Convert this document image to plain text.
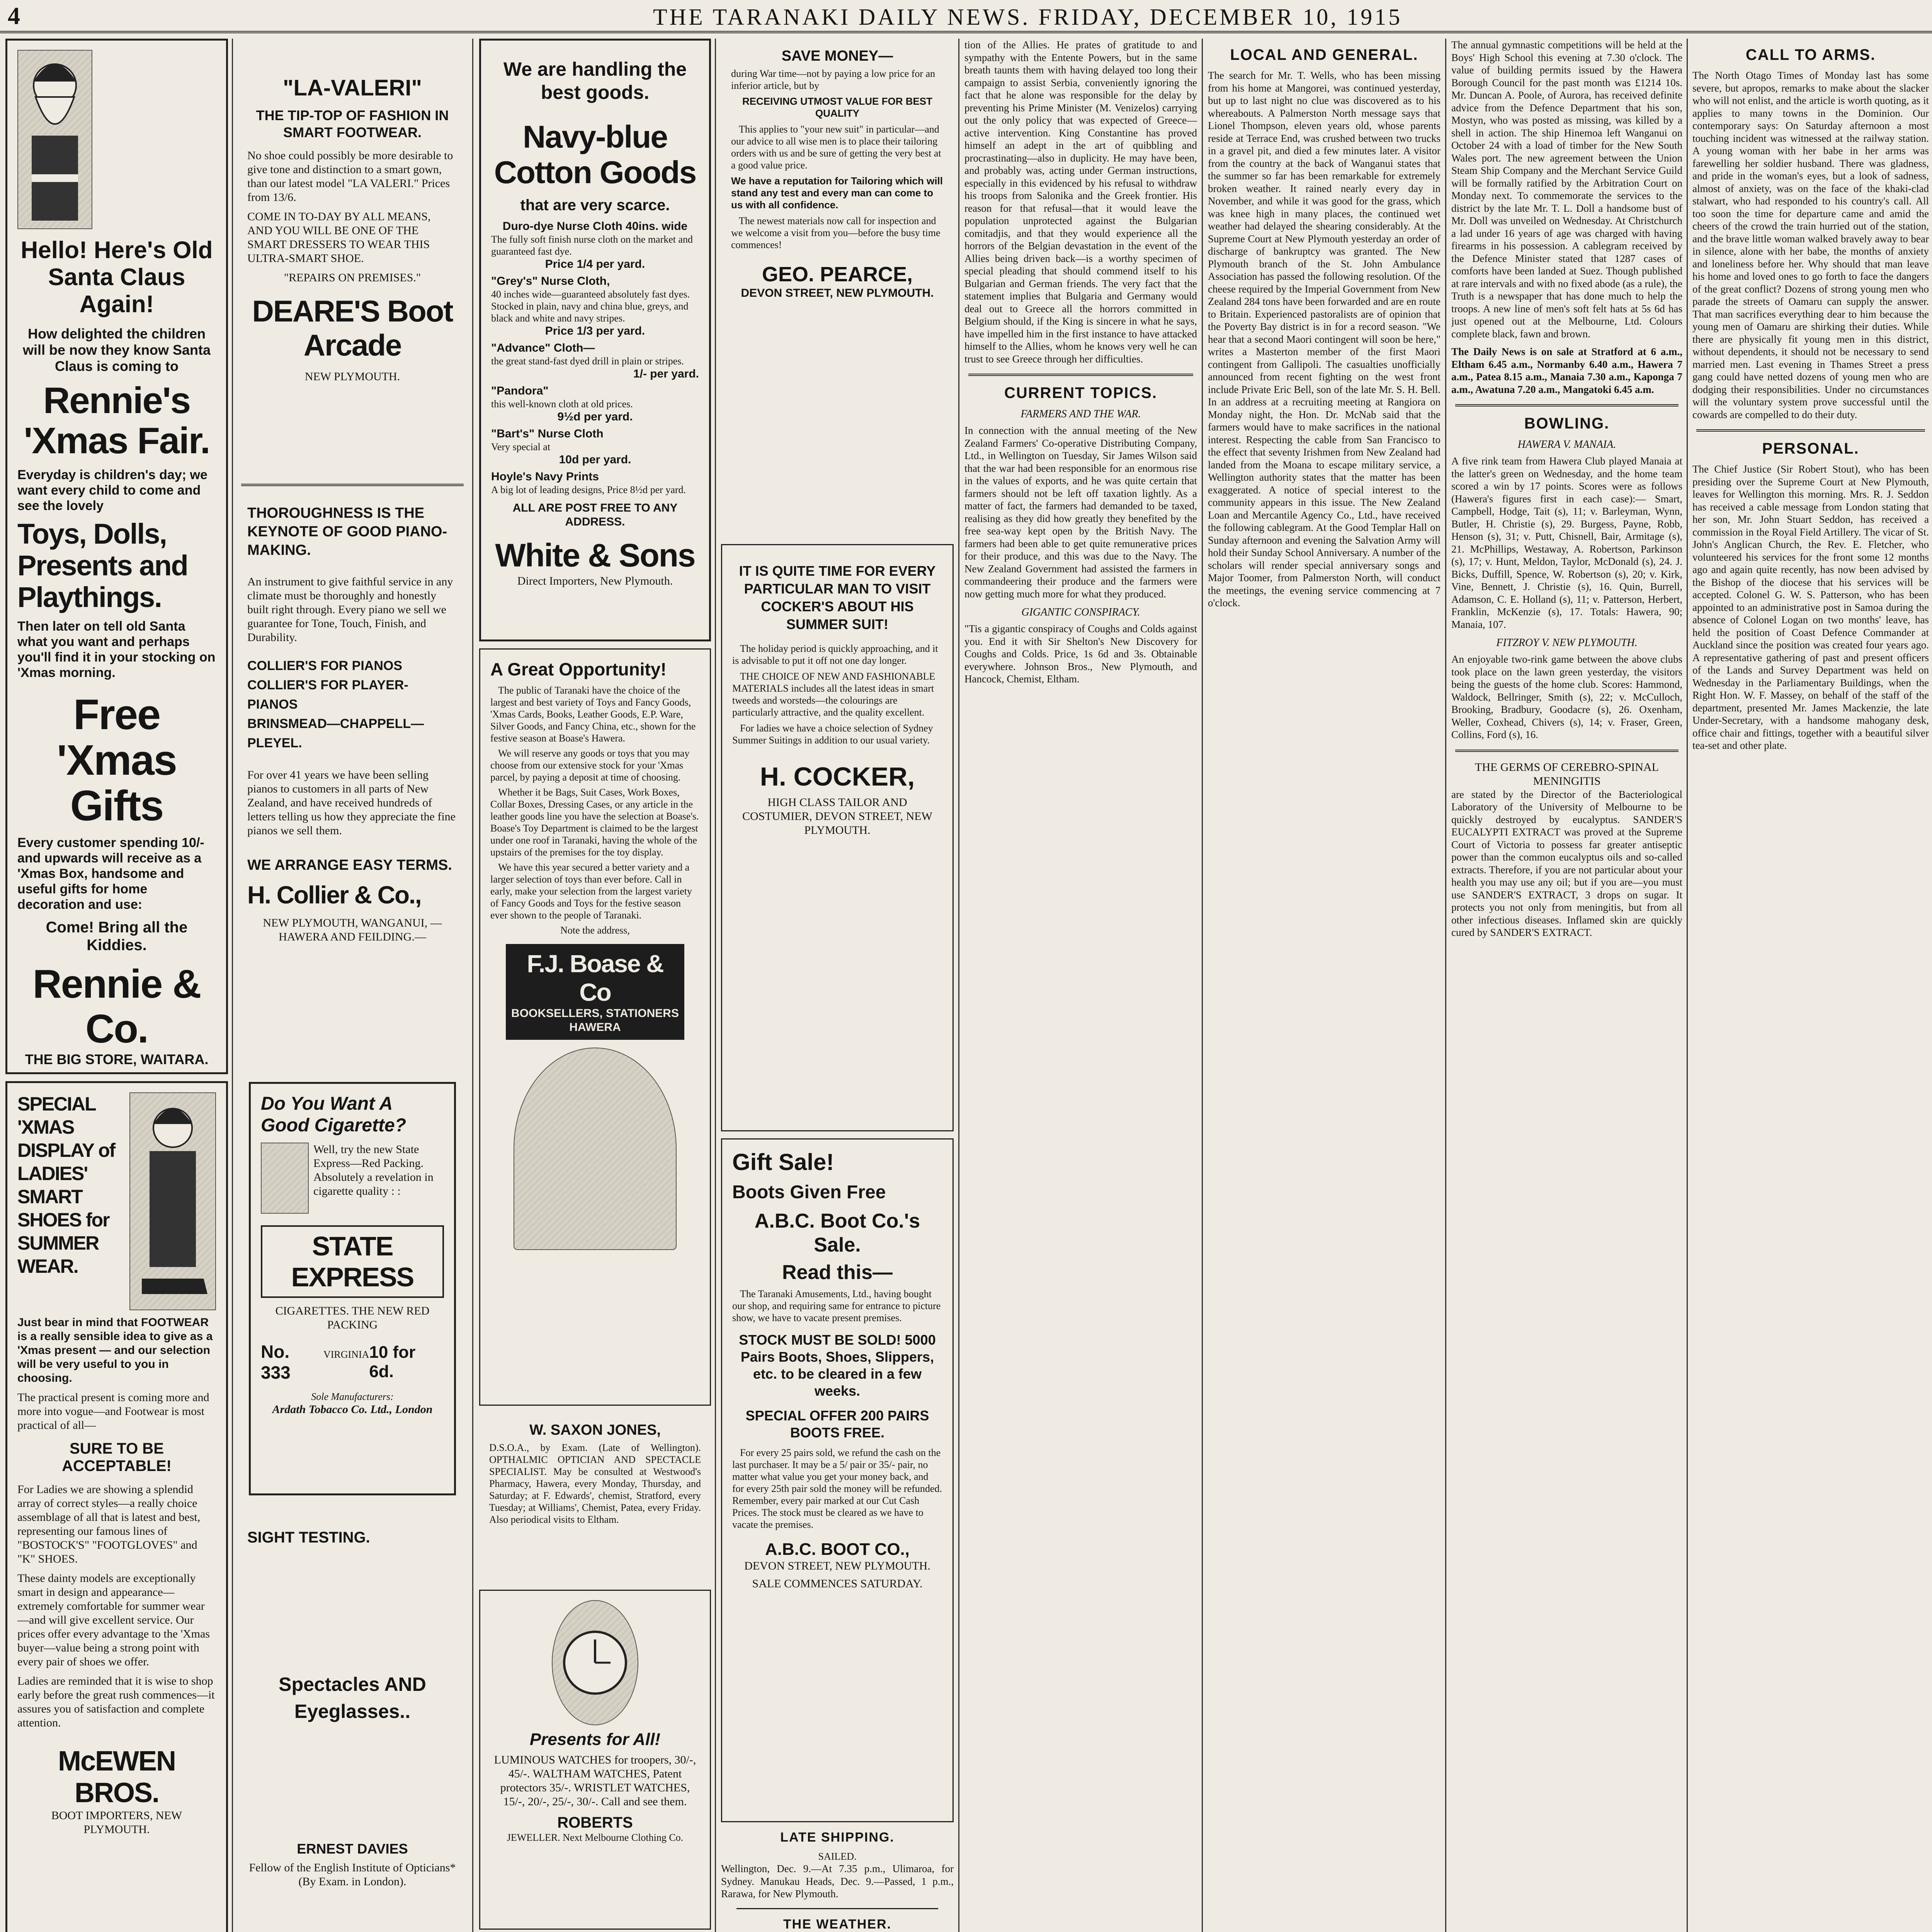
4	THE TARANAKI DAILY NEWS. FRIDAY, DECEMBER 10, 1915
Hello! Here's Old Santa Claus Again!
How delighted the children will be now they know Santa Claus is coming to
Rennie's 'Xmas Fair.
Everyday is children's day; we want every child to come and see the lovely
Toys, Dolls, Presents and Playthings.
Then later on tell old Santa what you want and perhaps you'll find it in your stocking on 'Xmas morning.
Free 'Xmas Gifts
Every customer spending 10/- and upwards will receive as a 'Xmas Box, handsome and useful gifts for home decoration and use:
Come! Bring all the Kiddies.
Rennie & Co.
THE BIG STORE, WAITARA.
SPECIAL 'XMAS DISPLAY of LADIES' SMART SHOES for SUMMER WEAR.
Just bear in mind that FOOTWEAR is a really sensible idea to give as a 'Xmas present — and our selection will be very useful to you in choosing.
The practical present is coming more and more into vogue—and Footwear is most practical of all—
SURE TO BE ACCEPTABLE!
For Ladies we are showing a splendid array of correct styles—a really choice assemblage of all that is latest and best, representing our famous lines of "BOSTOCK'S" "FOOTGLOVES" and "K" SHOES.
These dainty models are exceptionally smart in design and appearance—extremely comfortable for summer wear—and will give excellent service. Our prices offer every advantage to the 'Xmas buyer—value being a strong point with every pair of shoes we offer.
Ladies are reminded that it is wise to shop early before the great rush commences—it assures you of satisfaction and complete attention.
McEWEN BROS.
BOOT IMPORTERS, NEW PLYMOUTH.
"LA-VALERI"
THE TIP-TOP OF FASHION IN SMART FOOTWEAR.
No shoe could possibly be more desirable to give tone and distinction to a smart gown, than our latest model "LA VALERI." Prices from 13/6.
COME IN TO-DAY BY ALL MEANS, AND YOU WILL BE ONE OF THE SMART DRESSERS TO WEAR THIS ULTRA-SMART SHOE.
"REPAIRS ON PREMISES."
DEARE'S Boot Arcade
NEW PLYMOUTH.
THOROUGHNESS IS THE KEYNOTE OF GOOD PIANO-MAKING.
An instrument to give faithful service in any climate must be thoroughly and honestly built right through. Every piano we sell we guarantee for Tone, Touch, Finish, and Durability.
COLLIER'S FOR PIANOS
COLLIER'S FOR PLAYER-PIANOS
BRINSMEAD—CHAPPELL—PLEYEL.
For over 41 years we have been selling pianos to customers in all parts of New Zealand, and have received hundreds of letters telling us how they appreciate the fine pianos we sell them.
WE ARRANGE EASY TERMS.
H. Collier & Co.,
NEW PLYMOUTH, WANGANUI, —HAWERA AND FEILDING.—
Do You Want A Good Cigarette?
Well, try the new State Express—Red Packing. Absolutely a revelation in cigarette quality : :
STATE EXPRESS
CIGARETTES. THE NEW RED PACKING
No. 333
VIRGINIA 10 for 6d.
Sole Manufacturers:
Ardath Tobacco Co. Ltd., London
SIGHT TESTING.
Spectacles AND Eyeglasses..
ERNEST DAVIES
Fellow of the English Institute of Opticians* (By Exam. in London).
We are handling the best goods.
Navy-blue Cotton Goods
that are very scarce.
Duro-dye Nurse Cloth 40ins. wide
The fully soft finish nurse cloth on the market and guaranteed fast dye.
Price 1/4 per yard.
"Grey's" Nurse Cloth,
40 inches wide—guaranteed absolutely fast dyes. Stocked in plain, navy and china blue, greys, and black and white and navy stripes.
Price 1/3 per yard.
"Advance" Cloth—
the great stand-fast dyed drill in plain or stripes.
1/- per yard.
"Pandora"
this well-known cloth at old prices.
9½d per yard.
"Bart's" Nurse Cloth
Very special at
10d per yard.
Hoyle's Navy Prints
A big lot of leading designs, Price 8½d per yard.
ALL ARE POST FREE TO ANY ADDRESS.
White & Sons
Direct Importers, New Plymouth.
A Great Opportunity!
The public of Taranaki have the choice of the largest and best variety of Toys and Fancy Goods, 'Xmas Cards, Books, Leather Goods, E.P. Ware, Silver Goods, and Fancy China, etc., shown for the festive season at Boase's Hawera.
We will reserve any goods or toys that you may choose from our extensive stock for your 'Xmas parcel, by paying a deposit at time of choosing.
Whether it be Bags, Suit Cases, Work Boxes, Collar Boxes, Dressing Cases, or any article in the leather goods line you have the selection at Boase's. Boase's Toy Department is claimed to be the largest under one roof in Taranaki, having the whole of the upstairs of the premises for the toy display.
We have this year secured a better variety and a larger selection of toys than ever before. Call in early, make your selection from the largest variety of Fancy Goods and Toys for the festive season ever shown to the people of Taranaki.
Note the address,
F.J. Boase & Co
BOOKSELLERS, STATIONERS HAWERA
W. SAXON JONES,
D.S.O.A., by Exam. (Late of Wellington). OPTHALMIC OPTICIAN AND SPECTACLE SPECIALIST. May be consulted at Westwood's Pharmacy, Hawera, every Monday, Thursday, and Saturday; at F. Edwards', chemist, Stratford, every Tuesday; at Williams', Chemist, Patea, every Friday. Also periodical visits to Eltham.
Presents for All!
LUMINOUS WATCHES for troopers, 30/-, 45/-. WALTHAM WATCHES, Patent protectors 35/-. WRISTLET WATCHES, 15/-, 20/-, 25/-, 30/-. Call and see them.
ROBERTS
JEWELLER. Next Melbourne Clothing Co.
SAVE MONEY—
during War time—not by paying a low price for an inferior article, but by
RECEIVING UTMOST VALUE FOR BEST QUALITY
This applies to "your new suit" in particular—and our advice to all wise men is to place their tailoring orders with us and be sure of getting the very best at a good value price.
We have a reputation for Tailoring which will stand any test and every man can come to us with all confidence.
The newest materials now call for inspection and we welcome a visit from you—before the busy time commences!
GEO. PEARCE,
DEVON STREET, NEW PLYMOUTH.
IT IS QUITE TIME FOR EVERY PARTICULAR MAN TO VISIT COCKER'S ABOUT HIS SUMMER SUIT!
The holiday period is quickly approaching, and it is advisable to put it off not one day longer.
THE CHOICE OF NEW AND FASHIONABLE MATERIALS includes all the latest ideas in smart tweeds and worsteds—the colourings are particularly attractive, and the quality excellent.
For ladies we have a choice selection of Sydney Summer Suitings in addition to our usual variety.
H. COCKER,
HIGH CLASS TAILOR AND COSTUMIER, DEVON STREET, NEW PLYMOUTH.
Gift Sale!
Boots Given Free
A.B.C. Boot Co.'s Sale.
Read this—
The Taranaki Amusements, Ltd., having bought our shop, and requiring same for entrance to picture show, we have to vacate present premises.
STOCK MUST BE SOLD! 5000 Pairs Boots, Shoes, Slippers, etc. to be cleared in a few weeks.
SPECIAL OFFER 200 PAIRS BOOTS FREE.
For every 25 pairs sold, we refund the cash on the last purchaser. It may be a 5/ pair or 35/- pair, no matter what value you get your money back, and for every 25th pair sold the money will be refunded. Remember, every pair marked at our Cut Cash Prices. The stock must be cleared as we have to vacate the premises.
A.B.C. BOOT CO.,
DEVON STREET, NEW PLYMOUTH.
SALE COMMENCES SATURDAY.
LATE SHIPPING.
SAILED.
Wellington, Dec. 9.—At 7.35 p.m., Ulimaroa, for Sydney. Manukau Heads, Dec. 9.—Passed, 1 p.m., Rarawa, for New Plymouth.
THE WEATHER.
tion of the Allies. He prates of gratitude to and sympathy with the Entente Powers, but in the same breath taunts them with having delayed too long their campaign to assist Serbia, conveniently ignoring the fact that he alone was responsible for the delay by preventing his Prime Minister (M. Venizelos) carrying out the only policy that was expected of Greece—active intervention. King Constantine has proved himself an adept in the art of quibbling and procrastinating—also in duplicity. He may have been, and probably was, acting under German instructions, especially in this evidenced by his refusal to withdraw his troops from Salonika and the Greek frontier. His reason for that refusal—that it would leave the population unprotected against the Bulgarian comitadjis, and that they would experience all the horrors of the Belgian devastation in the event of the Allies being driven back—is a worthy specimen of special pleading that should commend itself to his Bulgarian and German friends. The very fact that the statement implies that Bulgaria and Germany would deal out to Greece all the horrors committed in Belgium should, if the King is sincere in what he says, have impelled him in the first instance to have attacked himself to the Allies, whom he knows very well he can trust to see Greece through her difficulties.
CURRENT TOPICS.
FARMERS AND THE WAR.
In connection with the annual meeting of the New Zealand Farmers' Co-operative Distributing Company, Ltd., in Wellington on Tuesday, Sir James Wilson said that the war had been responsible for an enormous rise in the values of exports, and he was quite certain that farmers should not be left off taxation lightly. As a matter of fact, the farmers had demanded to be taxed, realising as they did how greatly they benefited by the free sea-way kept open by the British Navy. The farmers had been able to get quite remunerative prices for their produce, and this was due to the Navy. The New Zealand Government had assisted the farmers in commandeering their produce and the farmers were now getting much more for what they produced.
GIGANTIC CONSPIRACY.
"Tis a gigantic conspiracy of Coughs and Colds against you. End it with Sir Shelton's New Discovery for Coughs and Colds. Price, 1s 6d and 3s. Obtainable everywhere. Johnson Bros., New Plymouth, and Hancock, Chemist, Eltham.
LOCAL AND GENERAL.
The search for Mr. T. Wells, who has been missing from his home at Mangorei, was continued yesterday, but up to last night no clue was discovered as to his whereabouts. A Palmerston North message says that Lionel Thompson, eleven years old, whose parents reside at Terrace End, was crushed between two trucks in a gravel pit, and died a few minutes later. A visitor from the country at the back of Wanganui states that the summer so far has been remarkable for extremely broken weather. It rained nearly every day in November, and while it was good for the grass, which was knee high in many places, the continued wet weather had delayed the shearing considerably. At the Supreme Court at New Plymouth yesterday an order of discharge of bankruptcy was granted. The New Plymouth branch of the St. John Ambulance Association has passed the following resolution. Of the cheese required by the Imperial Government from New Zealand 284 tons have been forwarded and are en route to Britain. Experienced pastoralists are of opinion that the Poverty Bay district is in for a record season. "We hear that a second Maori contingent will soon be here," writes a Masterton member of the first Maori contingent from Gallipoli. The casualties unofficially announced from recent fighting on the west front include Private Eric Bell, son of the late Mr. S. H. Bell. In an address at a recruiting meeting at Rangiora on Monday night, the Hon. Dr. McNab said that the farmers would have to make sacrifices in the national interest. Respecting the cable from San Francisco to the effect that seventy Irishmen from New Zealand had landed from the Moana to escape military service, a Wellington authority states that the matter has been exaggerated. A notice of special interest to the community appears in this issue. The New Zealand Loan and Mercantile Agency Co., Ltd., have received the following cablegram. At the Good Templar Hall on Sunday afternoon and evening the Salvation Army will hold their Sunday School Anniversary. A number of the scholars will render special anniversary songs and Major Toomer, from Palmerston North, will conduct the meetings, the evening service commencing at 7 o'clock.
The annual gymnastic competitions will be held at the Boys' High School this evening at 7.30 o'clock. The value of building permits issued by the Hawera Borough Council for the past month was £1214 10s. Mr. Duncan A. Poole, of Aurora, has received definite advice from the Defence Department that his son, Mostyn, who was posted as missing, was killed by a shell in action. The ship Hinemoa left Wanganui on October 24 with a load of timber for the New South Wales port. The new agreement between the Union Steam Ship Company and the Merchant Service Guild will be formally ratified by the Arbitration Court on Monday next. To commemorate the services to the district by the late Mr. T. L. Doll a handsome bust of Mr. Doll was unveiled on Wednesday. At Christchurch a lad under 16 years of age was charged with having firearms in his possession. A cablegram received by the Defence Minister stated that 1287 cases of comforts have been landed at Suez. Though published at rare intervals and with no fixed abode (as a rule), the Truth is a newspaper that has done much to help the troops. A new line of men's soft felt hats at 5s 6d has just opened out at the Melbourne, Ltd. Colours complete black, fawn and brown.
The Daily News is on sale at Stratford at 6 a.m., Eltham 6.45 a.m., Normanby 6.40 a.m., Hawera 7 a.m., Patea 8.15 a.m., Manaia 7.30 a.m., Kaponga 7 a.m., Awatuna 7.20 a.m., Mangatoki 6.45 a.m.
BOWLING.
HAWERA V. MANAIA.
A five rink team from Hawera Club played Manaia at the latter's green on Wednesday, and the home team scored a win by 17 points. Scores were as follows (Hawera's figures first in each case):— Smart, Campbell, Hodge, Tait (s), 11; v. Barleyman, Wynn, Butler, H. Christie (s), 29. Burgess, Payne, Robb, Henson (s), 31; v. Putt, Chisnell, Bair, Armitage (s), 21. McPhillips, Westaway, A. Robertson, Parkinson (s), 17; v. Hunt, Meldon, Taylor, McDonald (s), 24. J. Bicks, Duffill, Spence, W. Robertson (s), 20; v. Kirk, Vine, Bennett, J. Christie (s), 16. Quin, Burrell, Adamson, C. E. Holland (s), 11; v. Patterson, Herbert, Franklin, McKenzie (s), 17. Totals: Hawera, 90; Manaia, 107.
FITZROY V. NEW PLYMOUTH.
An enjoyable two-rink game between the above clubs took place on the lawn green yesterday, the visitors being the guests of the home club. Scores: Hammond, Waldock, Bellringer, Smith (s), 22; v. McCulloch, Brooking, Bradbury, Goodacre (s), 26. Oxenham, Weller, Coxhead, Chivers (s), 14; v. Fraser, Green, Collins, Ford (s), 16.
THE GERMS OF CEREBRO-SPINAL MENINGITIS
are stated by the Director of the Bacteriological Laboratory of the University of Melbourne to be quickly destroyed by eucalyptus. SANDER'S EUCALYPTI EXTRACT was proved at the Supreme Court of Victoria to possess far greater antiseptic power than the common eucalyptus oils and so-called extracts. Therefore, if you are not particular about your health you may use any oil; but if you are—you must use SANDER'S EXTRACT, 3 drops on sugar. It protects you not only from meningitis, but from all other infectious diseases. Inflamed skin are quickly cured by SANDER'S EXTRACT.
CALL TO ARMS.
The North Otago Times of Monday last has some severe, but apropos, remarks to make about the slacker who will not enlist, and the article is worth quoting, as it applies to many towns in the Dominion. Our contemporary says: On Saturday afternoon a most touching incident was witnessed at the railway station. A young woman with her babe in her arms was farewelling her soldier husband. There was gladness, and pride in the woman's eyes, but a look of sadness, almost of anxiety, was on the face of the khaki-clad stalwart, who had responded to his country's call. All too soon the time for departure came and amid the cheers of the crowd the train hurried out of the station, and the brave little woman walked bravely away to bear in silence, alone with her babe, the months of anxiety and loneliness before her. Why should that man leave his home and loved ones to go forth to face the dangers of the great conflict? Dozens of strong young men who parade the streets of Oamaru can supply the answer. That man sacrifices everything dear to him because the young men of Oamaru are shirking their duties. While there are physically fit young men in this district, without dependents, it should not be necessary to send married men. Last evening in Thames Street a press gang could have netted dozens of young men who are dodging their responsibilities. Under no circumstances will the voluntary system prove successful until the cowards are compelled to do their duty.
PERSONAL.
The Chief Justice (Sir Robert Stout), who has been presiding over the Supreme Court at New Plymouth, leaves for Wellington this morning. Mrs. R. J. Seddon has received a cable message from London stating that her son, Mr. John Stuart Seddon, has received a commission in the Royal Field Artillery. The vicar of St. John's Anglican Church, the Rev. E. Fletcher, who volunteered his services for the front some 12 months ago and again quite recently, has now been advised by the Bishop of the diocese that his services will be accepted. Colonel G. W. S. Patterson, who has been appointed to an administrative post in Samoa during the absence of Colonel Logan on two months' leave, has held the position of Coast Defence Commander at Auckland since the position was created four years ago. A representative gathering of past and present officers of the Lands and Survey Department was held on Wednesday in the Parliamentary Buildings, when the Right Hon. W. F. Massey, on behalf of the staff of the department, presented Mr. James Mackenzie, the late Under-Secretary, with a handsome mahogany desk, office chair and fittings, together with a beautiful silver tea-set and other plate.
